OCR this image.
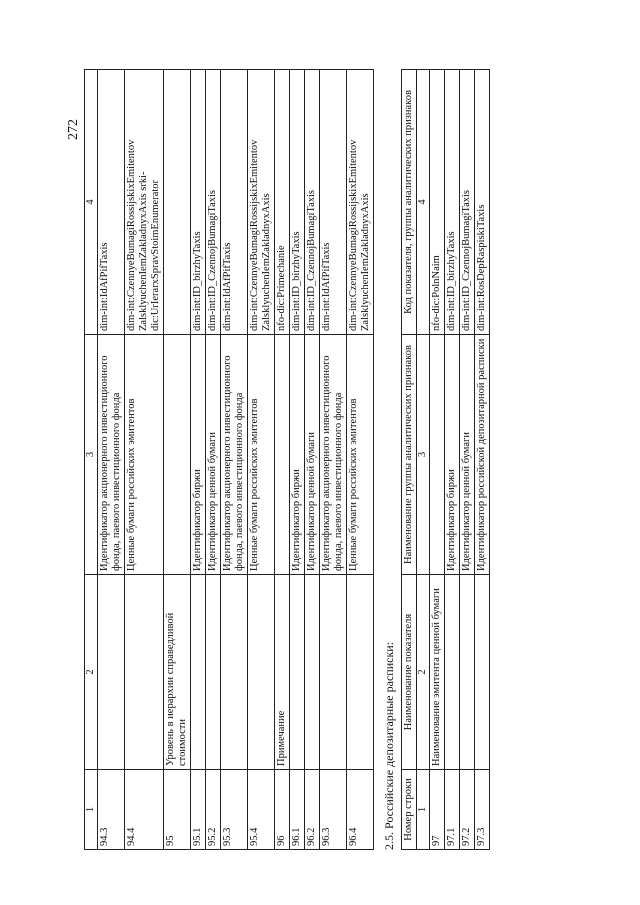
272
1	2	3	4
94.3		Идентификатор акционерного инвестиционного фонда, паевого инвестиционного фонда	dim-int:IdAfPifTaxis
94.4		Ценные бумаги российских эмитентов	dim-int:CzennyeBumagiRossijskixEmitentov ZalsklyuchenIemZakladnyxAxis srki-dic:UrIerarxSpravStoimEnumerator
95	Уровень в иерархии справедливой стоимости		
95.1		Идентификатор биржи	dim-int:ID_birzhyTaxis
95.2		Идентификатор ценной бумаги	dim-int:ID_CzennojBumagiTaxis
95.3		Идентификатор акционерного инвестиционного фонда, паевого инвестиционного фонда	dim-int:IdAfPifTaxis
95.4		Ценные бумаги российских эмитентов	dim-int:CzennyeBumagiRossijskixEmitentov ZalsklyuchenIemZakladnyxAxis
96	Примечание		nfo-dic:Primechanie
96.1		Идентификатор биржи	dim-int:ID_birzhyTaxis
96.2		Идентификатор ценной бумаги	dim-int:ID_CzennojBumagiTaxis
96.3		Идентификатор акционерного инвестиционного фонда, паевого инвестиционного фонда	dim-int:IdAfPifTaxis
96.4		Ценные бумаги российских эмитентов	dim-int:CzennyeBumagiRossijskixEmitentov ZalsklyuchenIemZakladnyxAxis
2.5. Российские депозитарные расписки: Номер строки	Наименование показателя	Наименование группы аналитических признаков	Код показателя, группы аналитических признаков
1	2	3	4
97	Наименование эмитента ценной бумаги		nfo-dic:PolnNaim
97.1		Идентификатор биржи	dim-int:ID_birzhyTaxis
97.2		Идентификатор ценной бумаги	dim-int:ID_CzennojBumagiTaxis
97.3		Идентификатор российской депозитарной расписки	dim-int:RosDepRaspiskiTaxis
